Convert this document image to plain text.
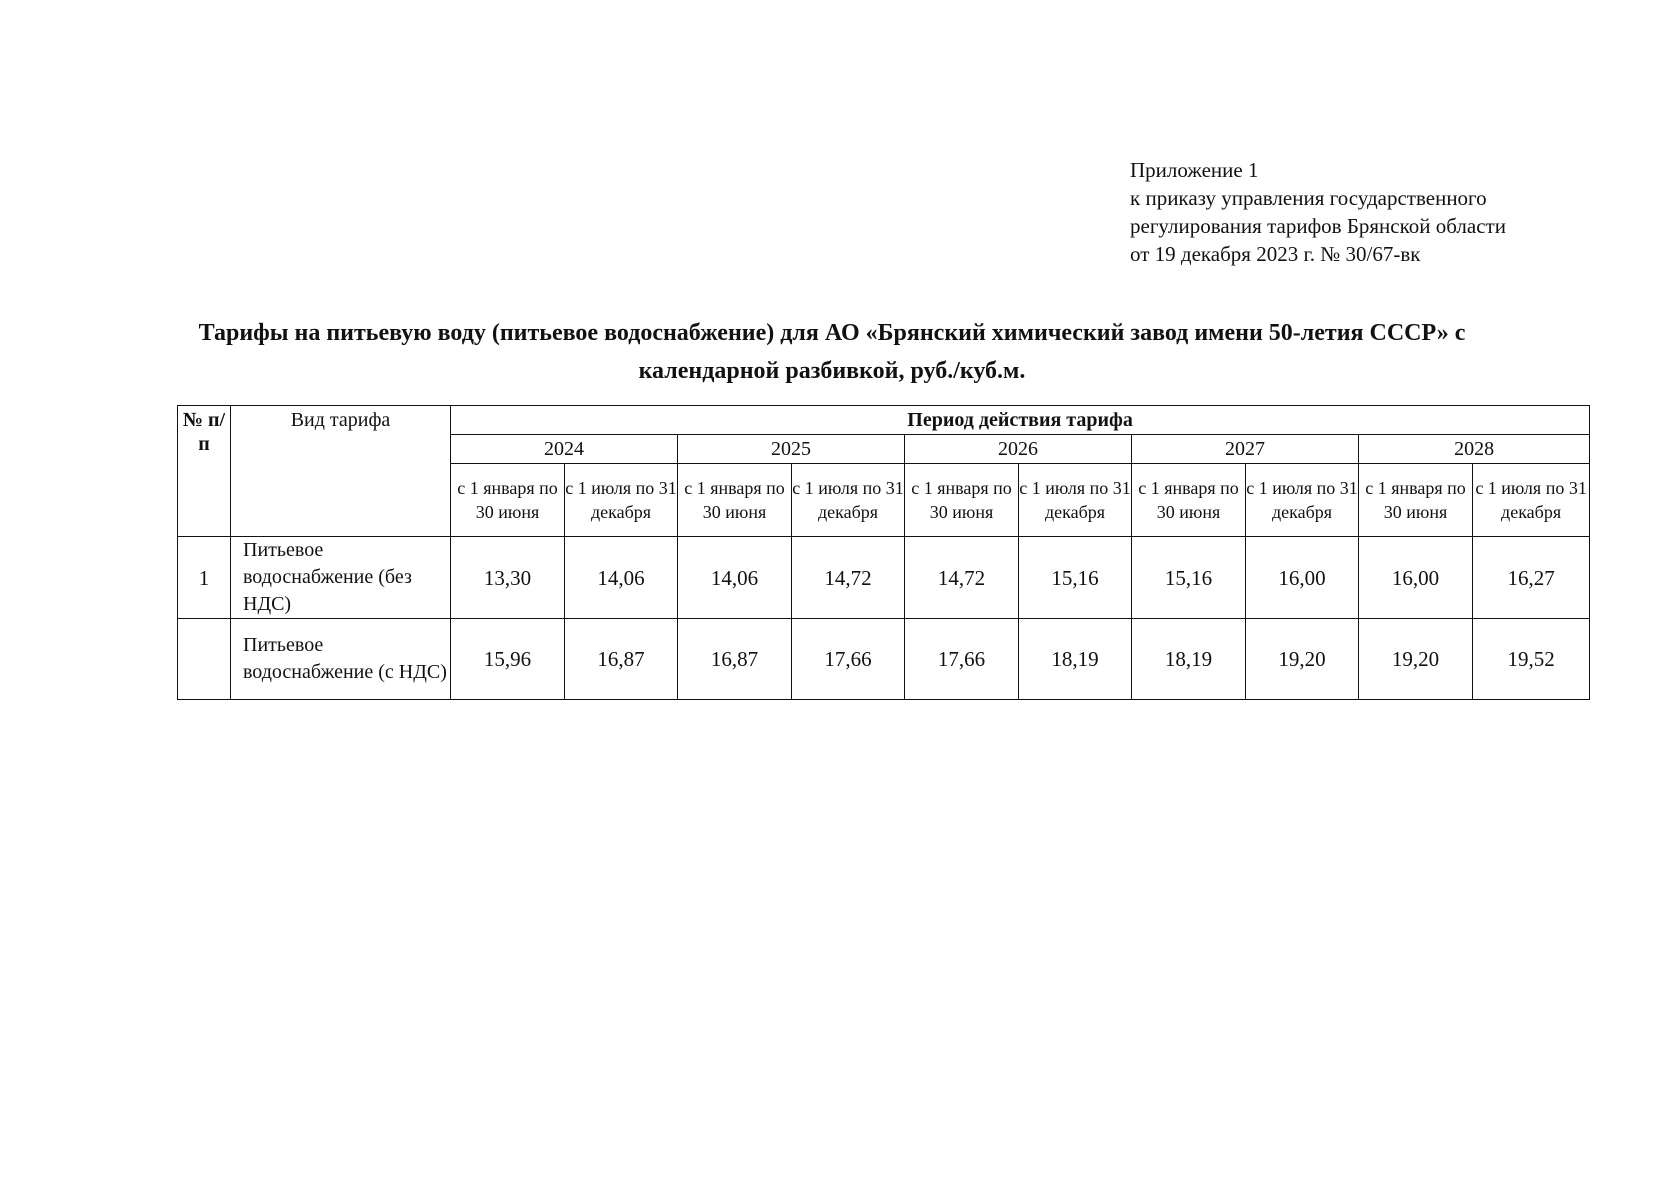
Приложение 1
к приказу управления государственного
регулирования тарифов Брянской области
от 19 декабря 2023 г. № 30/67-вк
Тарифы на питьевую воду (питьевое водоснабжение) для АО «Брянский химический завод имени 50-летия СССР» с
календарной разбивкой, руб./куб.м.
№ п/п	Вид тарифа	Период действия тарифа									
		2024		2025		2026		2027		2028	
		с 1 января по 30 июня	с 1 июля по 31 декабря	с 1 января по 30 июня	с 1 июля по 31 декабря	с 1 января по 30 июня	с 1 июля по 31 декабря	с 1 января по 30 июня	с 1 июля по 31 декабря	с 1 января по 30 июня	с 1 июля по 31 декабря
1	Питьевое водоснабжение (без НДС)	13,30	14,06	14,06	14,72	14,72	15,16	15,16	16,00	16,00	16,27
	Питьевое водоснабжение (с НДС)	15,96	16,87	16,87	17,66	17,66	18,19	18,19	19,20	19,20	19,52
